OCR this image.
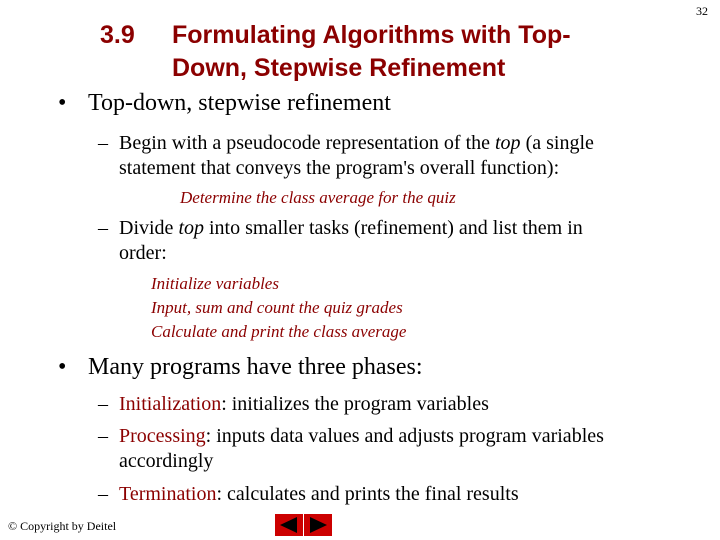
32
3.9 Formulating Algorithms with Top-
Down, Stepwise Refinement
• Top-down, stepwise refinement
– Begin with a pseudocode representation of the top (a single
statement that conveys the program's overall function):
Determine the class average for the quiz
– Divide top into smaller tasks (refinement) and list them in
order:
Initialize variables
Input, sum and count the quiz grades
Calculate and print the class average
• Many programs have three phases:
– Initialization: initializes the program variables
– Processing: inputs data values and adjusts program variables
accordingly
– Termination: calculates and prints the final results
© Copyright by Deitel
